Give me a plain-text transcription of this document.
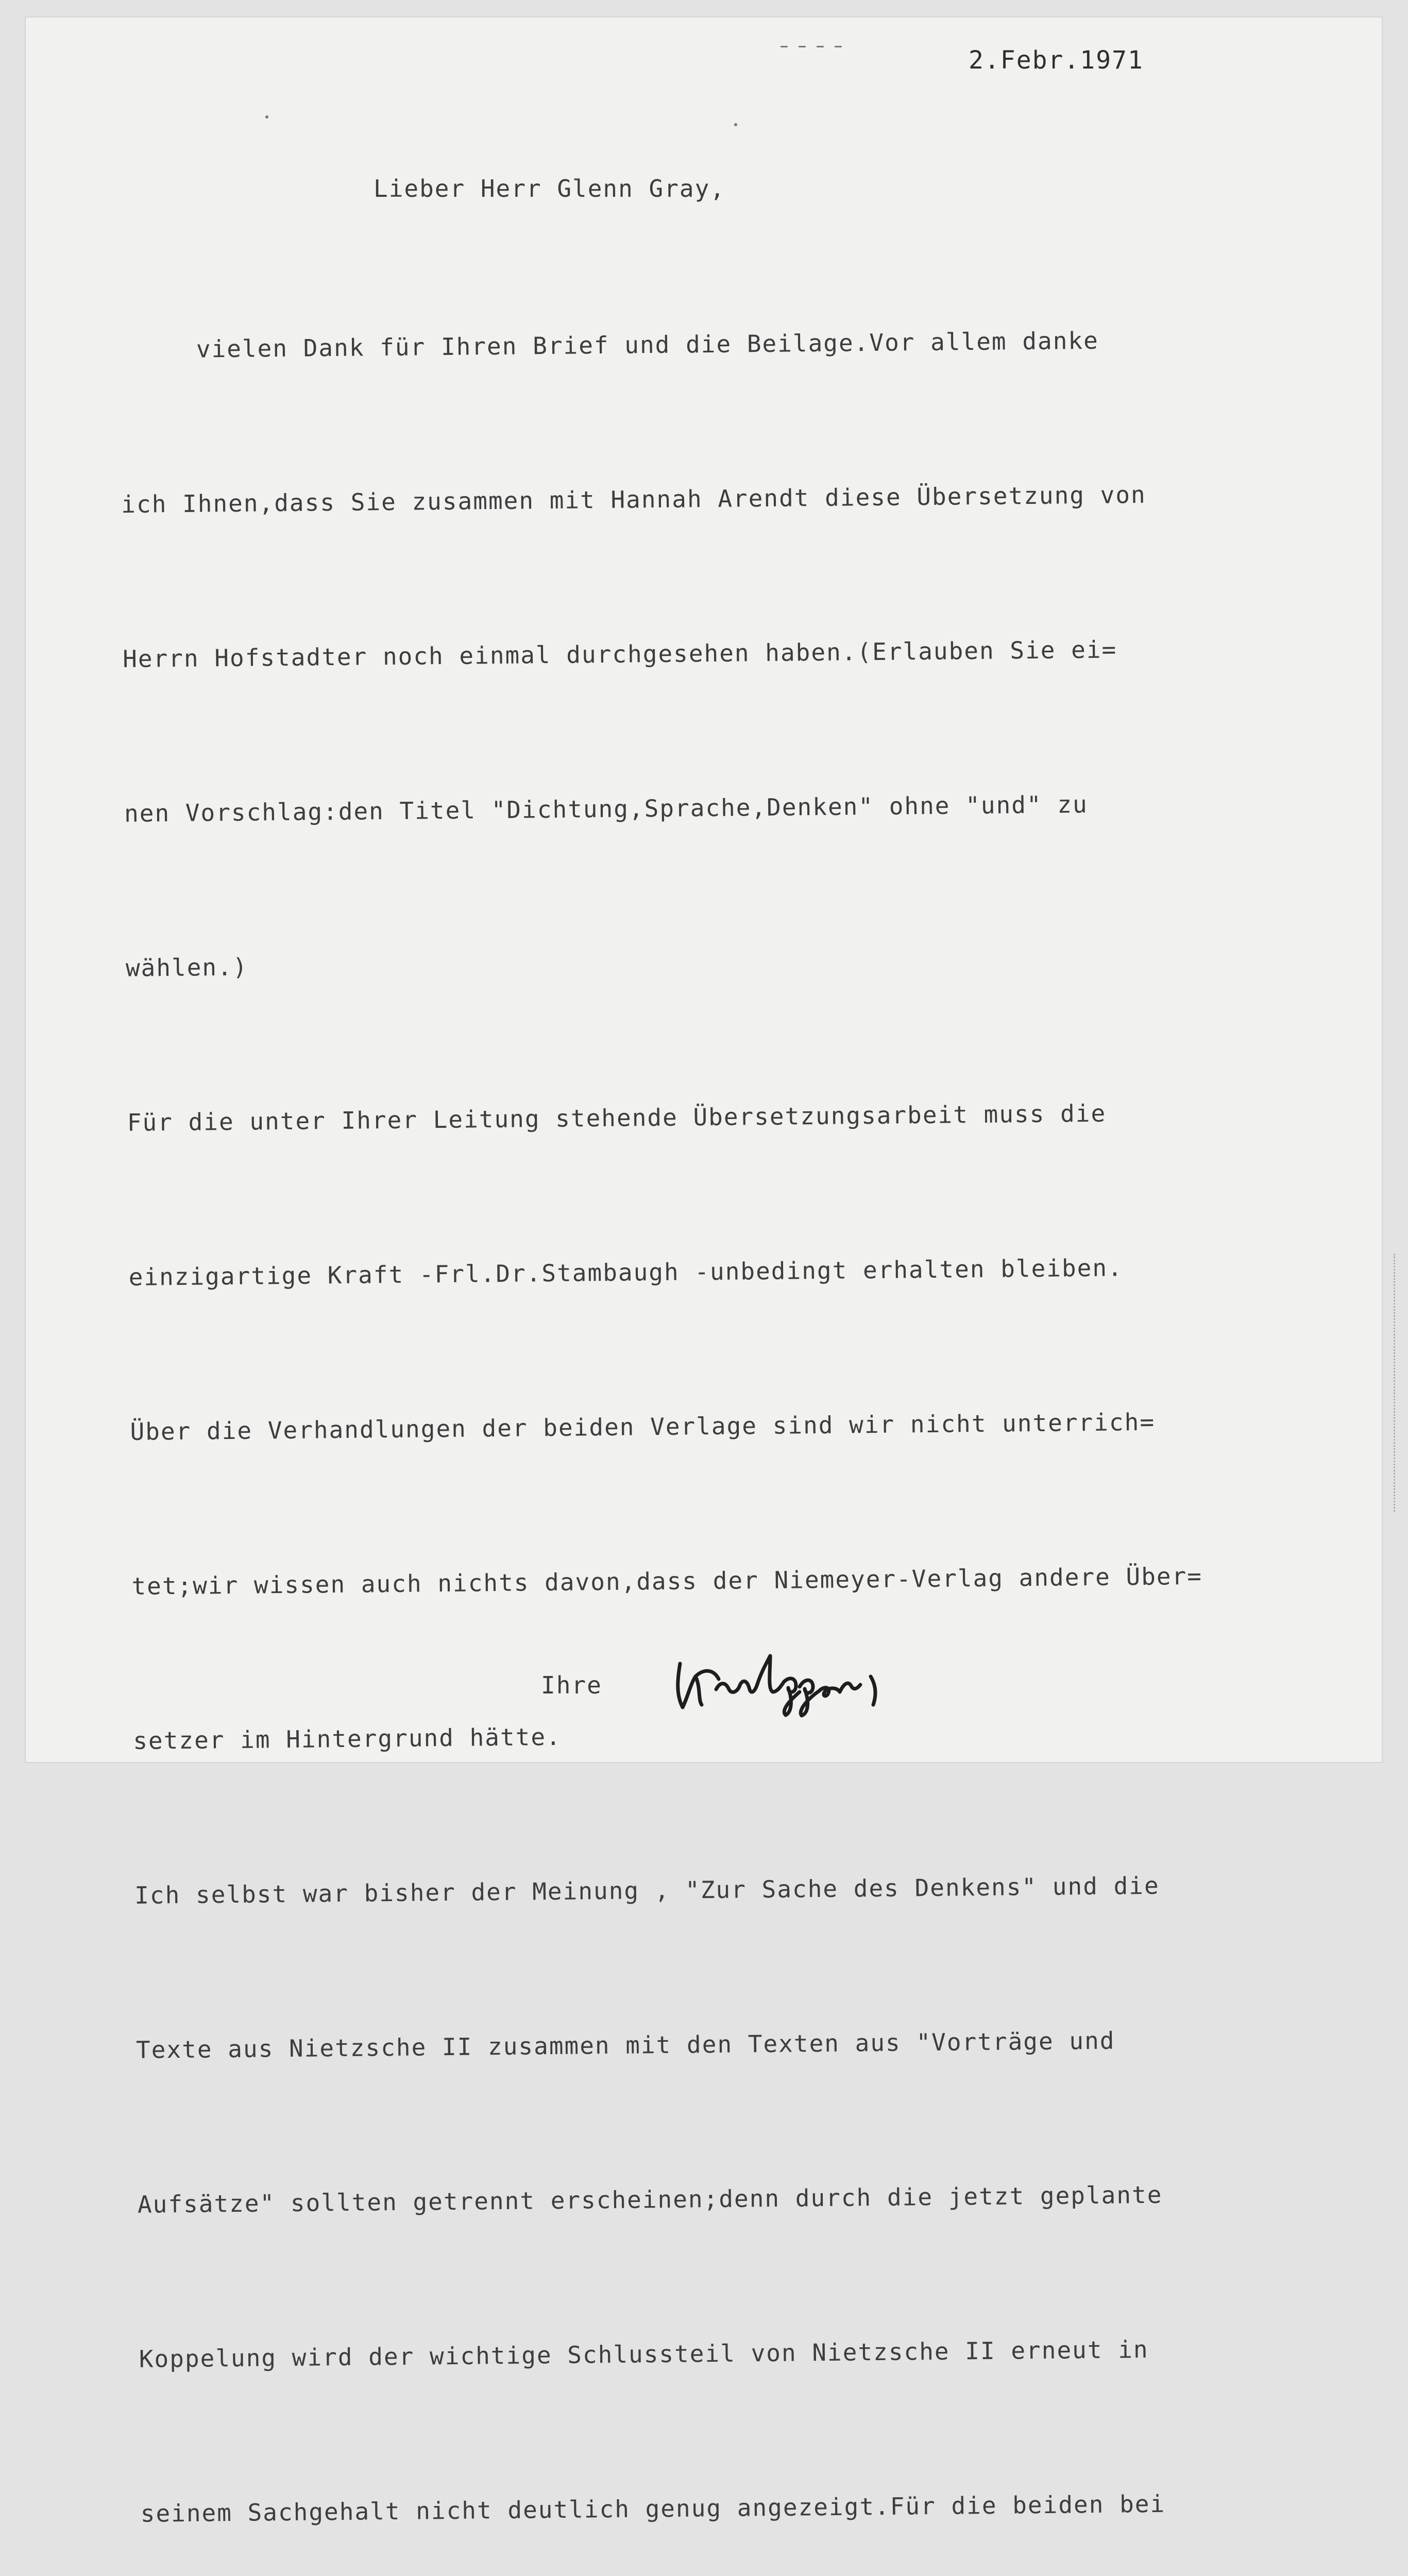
2.Febr.1971

Lieber Herr Glenn Gray,

vielen Dank für Ihren Brief und die Beilage.Vor allem danke

ich Ihnen,dass Sie zusammen mit Hannah Arendt diese Übersetzung von

Herrn Hofstadter noch einmal durchgesehen haben.(Erlauben Sie ei=

nen Vorschlag:den Titel "Dichtung,Sprache,Denken" ohne "und" zu

wählen.)

Für die unter Ihrer Leitung stehende Übersetzungsarbeit muss die

einzigartige Kraft -Frl.Dr.Stambaugh -unbedingt erhalten bleiben.

Über die Verhandlungen der beiden Verlage sind wir nicht unterrich=

tet;wir wissen auch nichts davon,dass der Niemeyer-Verlag andere Über=

setzer im Hintergrund hätte.

Ich selbst war bisher der Meinung , "Zur Sache des Denkens" und die

Texte aus Nietzsche II zusammen mit den Texten aus "Vorträge und

Aufsätze" sollten getrennt erscheinen;denn durch die jetzt geplante

Koppelung wird der wichtige Schlussteil von Nietzsche II erneut in

seinem Sachgehalt nicht deutlich genug angezeigt.Für die beiden bei

Ihre

Heidegger
